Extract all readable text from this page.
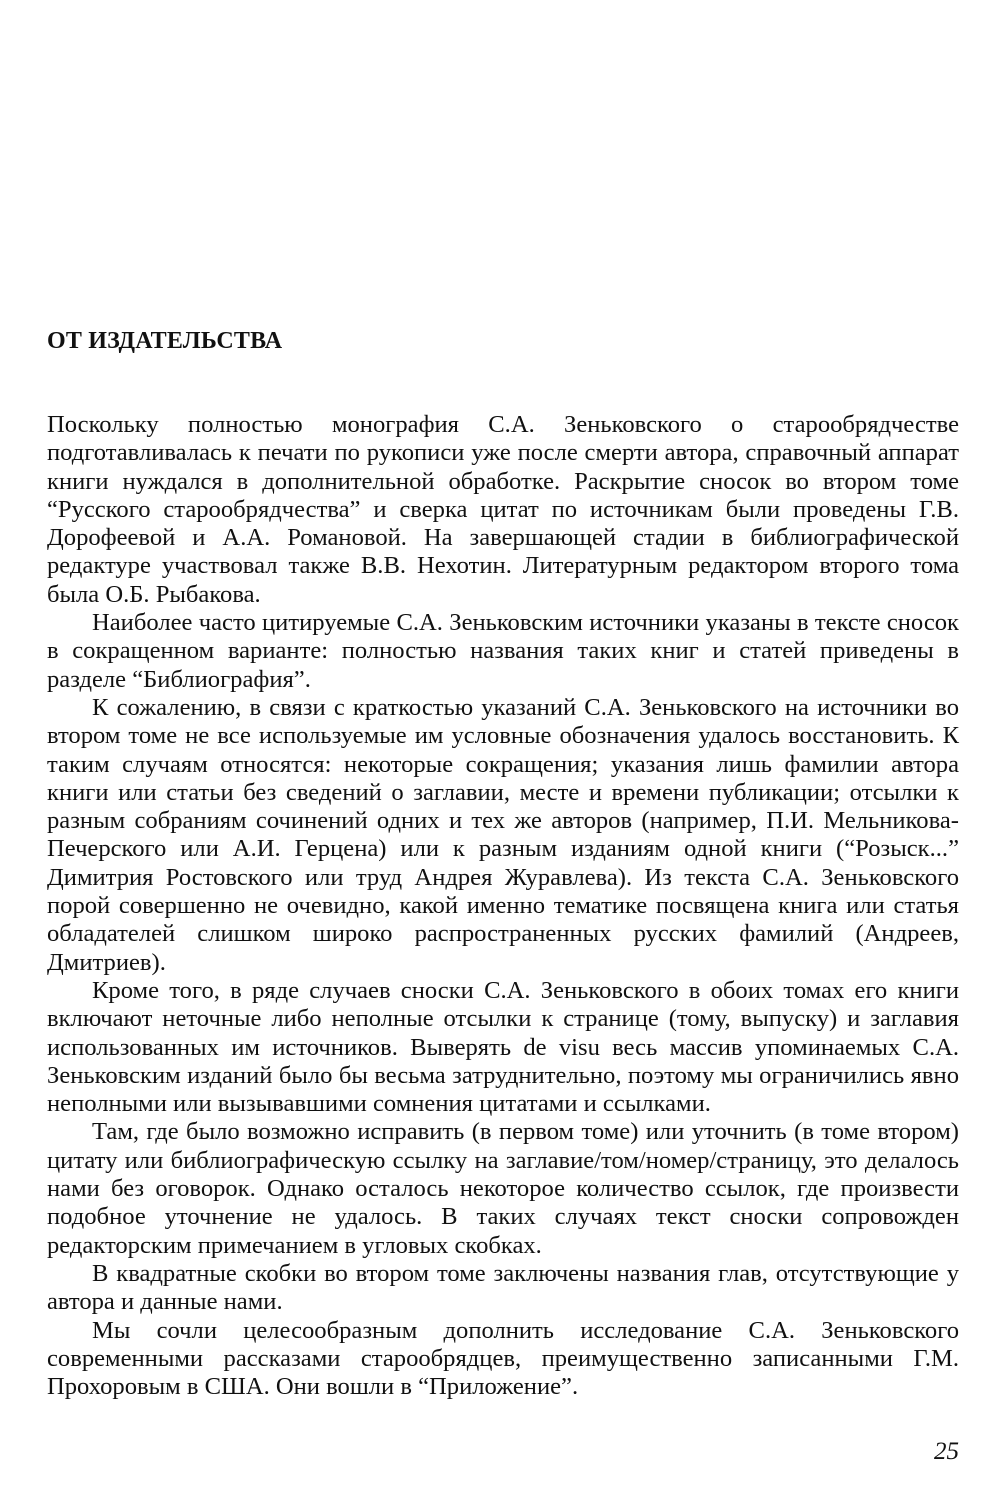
ОТ ИЗДАТЕЛЬСТВА

Поскольку полностью монография С.А. Зеньковского о старообрядчестве подготавливалась к печати по рукописи уже после смерти автора, справочный аппарат книги нуждался в дополнительной обработке. Раскрытие сносок во втором томе “Русского старообрядчества” и сверка цитат по источникам были проведены Г.В. Дорофеевой и А.А. Романовой. На завершающей стадии в библиографической редактуре участвовал также В.В. Нехотин. Литературным редактором второго тома была О.Б. Рыбакова.

Наиболее часто цитируемые С.А. Зеньковским источники указаны в тексте сносок в сокращенном варианте: полностью названия таких книг и статей приведены в разделе “Библиография”.

К сожалению, в связи с краткостью указаний С.А. Зеньковского на источники во втором томе не все используемые им условные обозначения удалось восстановить. К таким случаям относятся: некоторые сокращения; указания лишь фамилии автора книги или статьи без сведений о заглавии, месте и времени публикации; отсылки к разным собраниям сочинений одних и тех же авторов (например, П.И. Мельникова-Печерского или А.И. Герцена) или к разным изданиям одной книги (“Розыск...” Димитрия Ростовского или труд Андрея Журавлева). Из текста С.А. Зеньковского порой совершенно не очевидно, какой именно тематике посвящена книга или статья обладателей слишком широко распространенных русских фамилий (Андреев, Дмитриев).

Кроме того, в ряде случаев сноски С.А. Зеньковского в обоих томах его книги включают неточные либо неполные отсылки к странице (тому, выпуску) и заглавия использованных им источников. Выверять de visu весь массив упоминаемых С.А. Зеньковским изданий было бы весьма затруднительно, поэтому мы ограничились явно неполными или вызывавшими сомнения цитатами и ссылками.

Там, где было возможно исправить (в первом томе) или уточнить (в томе втором) цитату или библиографическую ссылку на заглавие/том/номер/страницу, это делалось нами без оговорок. Однако осталось некоторое количество ссылок, где произвести подобное уточнение не удалось. В таких случаях текст сноски сопровожден редакторским примечанием в угловых скобках.

В квадратные скобки во втором томе заключены названия глав, отсутствующие у автора и данные нами.

Мы сочли целесообразным дополнить исследование С.А. Зеньковского современными рассказами старообрядцев, преимущественно записанными Г.М. Прохоровым в США. Они вошли в “Приложение”.

25
